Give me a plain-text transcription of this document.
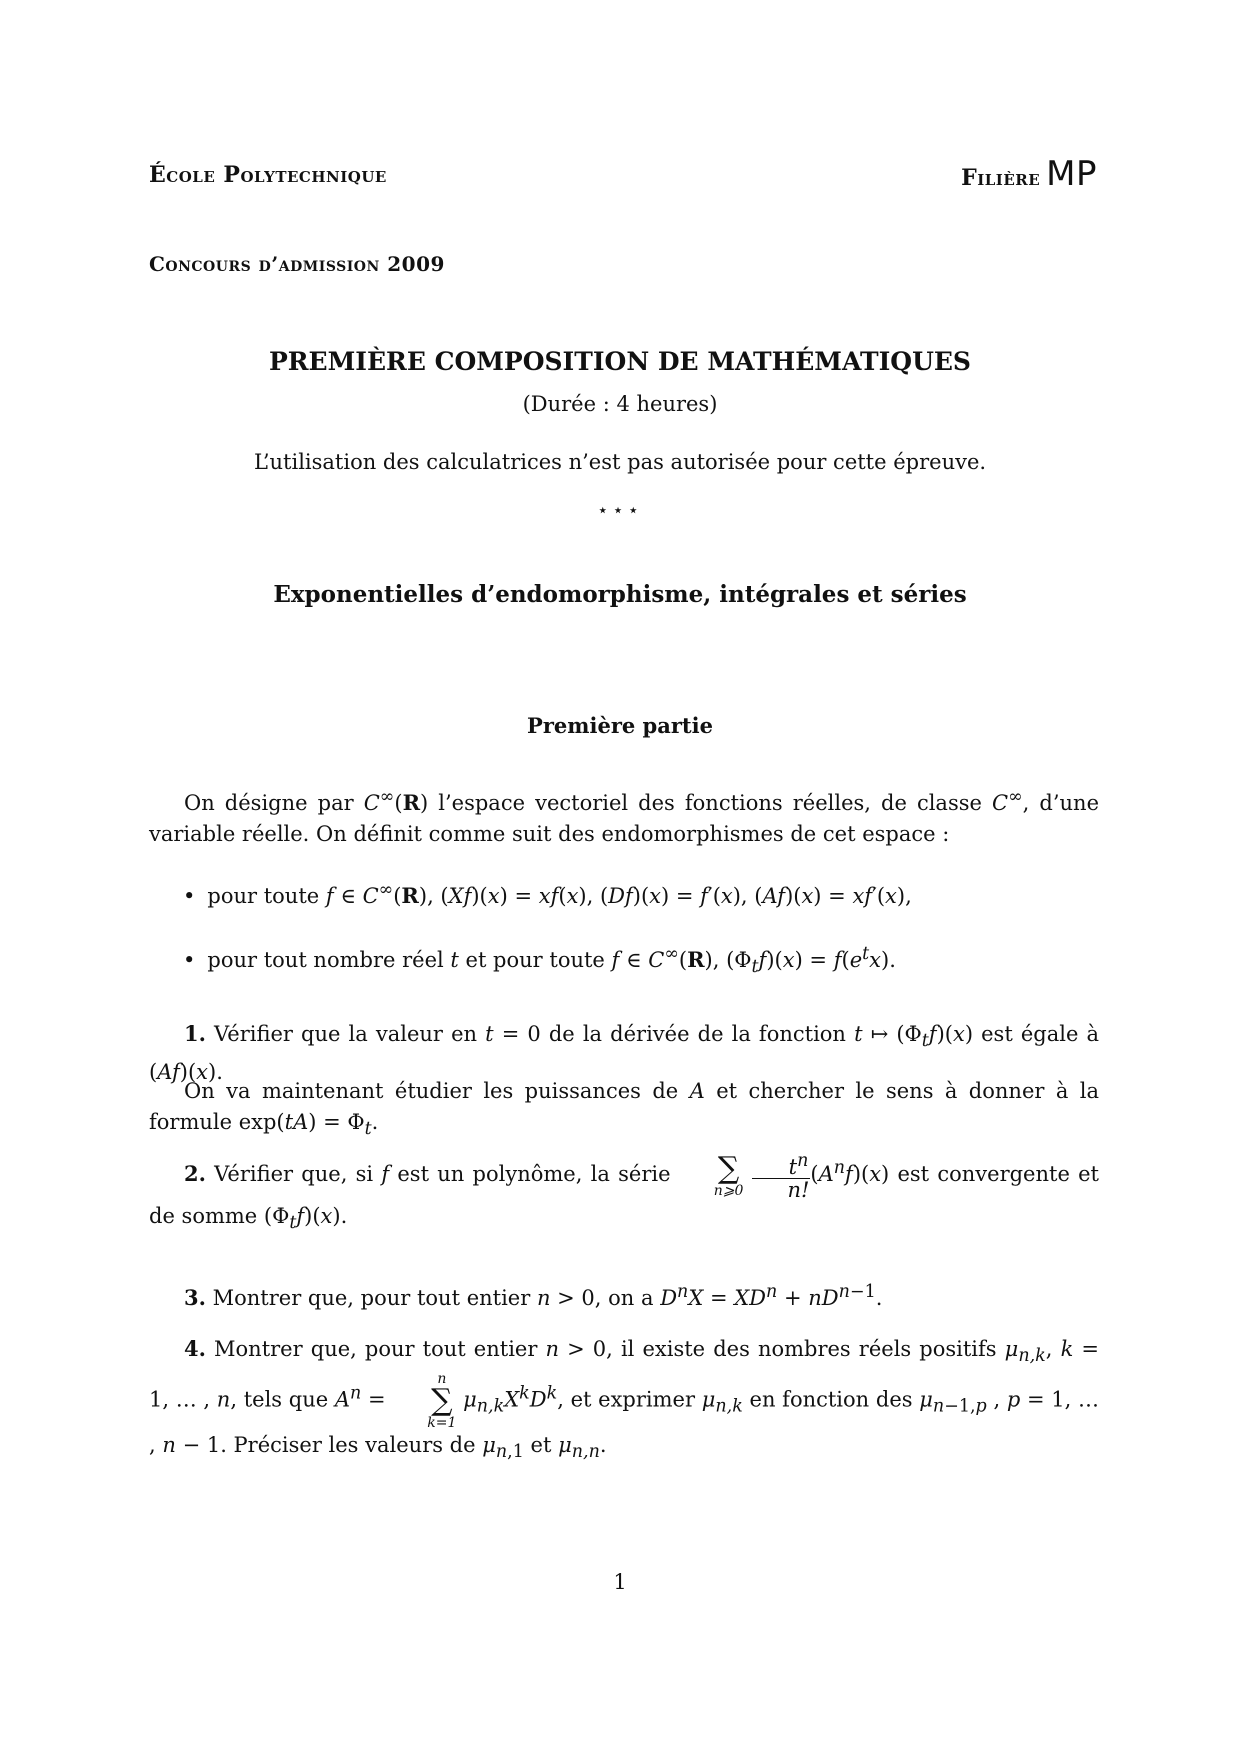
École Polytechnique	Filière MP
Concours d’admission 2009
PREMIÈRE COMPOSITION DE MATHÉMATIQUES
(Durée : 4 heures)
L’utilisation des calculatrices n’est pas autorisée pour cette épreuve.
⋆⋆⋆
Exponentielles d’endomorphisme, intégrales et séries
Première partie
On désigne par C∞(R) l’espace vectoriel des fonctions réelles, de classe C∞, d’une variable réelle. On définit comme suit des endomorphismes de cet espace :
• pour toute f ∈ C∞(R), (Xf)(x) = xf(x), (Df)(x) = f′(x), (Af)(x) = xf′(x),
• pour tout nombre réel t et pour toute f ∈ C∞(R), $(\Phi_tf)(x) = f(e^tx)$.
1. Vérifier que la valeur en t = 0 de la dérivée de la fonction t ↦ $(\Phi_tf)(x)$ est égale à (Af)(x).
On va maintenant étudier les puissances de A et chercher le sens à donner à la formule $\exp(tA) = \Phi_t$.
2. Vérifier que, si f est un polynôme, la série	∑
n⩾0
$\frac{t^n}{n!} (A^nf)(x)$ est convergente et de somme $(\Phi_tf)(x)$.
3. Montrer que, pour tout entier n > 0, on a $D^nX = XD^n + nD^{n-1}$.
4. Montrer que, pour tout entier n > 0, il existe des nombres réels positifs $\mu_{n,k}$, k = 1, … , n, tels que $A^n$ =
n
∑
k=1
$\mu_{n,k}X^kD^k$, et exprimer $\mu_{n,k}$ en fonction des $\mu_{n-1,p}$ , p = 1, … , n − 1. Préciser les valeurs de $\mu_{n,1}$ et $\mu_{n,n}$.
1
